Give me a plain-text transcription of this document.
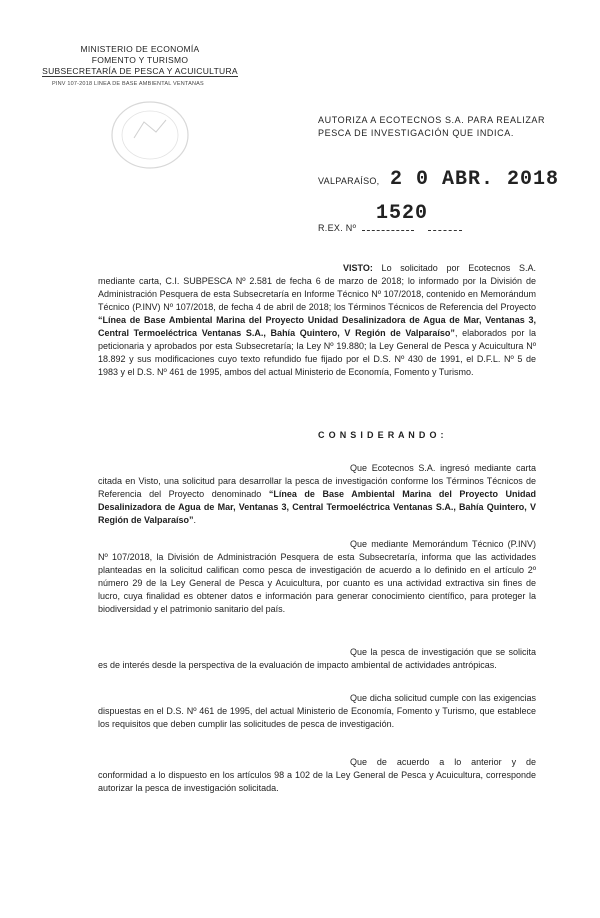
MINISTERIO DE ECONOMÍA
FOMENTO Y TURISMO
SUBSECRETARÍA DE PESCA Y ACUICULTURA
PINV 107-2018 LINEA DE BASE AMBIENTAL VENTANAS
AUTORIZA A ECOTECNOS S.A. PARA REALIZAR PESCA DE INVESTIGACIÓN QUE INDICA.
VALPARAÍSO, 2 0 ABR. 2018
R.EX. Nº
1520

VISTO: Lo solicitado por Ecotecnos S.A. mediante carta, C.I. SUBPESCA Nº 2.581 de fecha 6 de marzo de 2018; lo informado por la División de Administración Pesquera de esta Subsecretaría en Informe Técnico Nº 107/2018, contenido en Memorándum Técnico (P.INV) Nº 107/2018, de fecha 4 de abril de 2018; los Términos Técnicos de Referencia del Proyecto “Línea de Base Ambiental Marina del Proyecto Unidad Desalinizadora de Agua de Mar, Ventanas 3, Central Termoeléctrica Ventanas S.A., Bahía Quintero, V Región de Valparaíso”, elaborados por la peticionaria y aprobados por esta Subsecretaría; la Ley Nº 19.880; la Ley General de Pesca y Acuicultura Nº 18.892 y sus modificaciones cuyo texto refundido fue fijado por el D.S. Nº 430 de 1991, el D.F.L. Nº 5 de 1983 y el D.S. Nº 461 de 1995, ambos del actual Ministerio de Economía, Fomento y Turismo.

C O N S I D E R A N D O :

Que Ecotecnos S.A. ingresó mediante carta citada en Visto, una solicitud para desarrollar la pesca de investigación conforme los Términos Técnicos de Referencia del Proyecto denominado “Línea de Base Ambiental Marina del Proyecto Unidad Desalinizadora de Agua de Mar, Ventanas 3, Central Termoeléctrica Ventanas S.A., Bahía Quintero, V Región de Valparaíso”.

Que mediante Memorándum Técnico (P.INV) Nº 107/2018, la División de Administración Pesquera de esta Subsecretaría, informa que las actividades planteadas en la solicitud califican como pesca de investigación de acuerdo a lo definido en el artículo 2º número 29 de la Ley General de Pesca y Acuicultura, por cuanto es una actividad extractiva sin fines de lucro, cuya finalidad es obtener datos e información para generar conocimiento científico, para proteger la biodiversidad y el patrimonio sanitario del país.

Que la pesca de investigación que se solicita es de interés desde la perspectiva de la evaluación de impacto ambiental de actividades antrópicas.

Que dicha solicitud cumple con las exigencias dispuestas en el D.S. Nº 461 de 1995, del actual Ministerio de Economía, Fomento y Turismo, que establece los requisitos que deben cumplir las solicitudes de pesca de investigación.

Que de acuerdo a lo anterior y de conformidad a lo dispuesto en los artículos 98 a 102 de la Ley General de Pesca y Acuicultura, corresponde autorizar la pesca de investigación solicitada.
